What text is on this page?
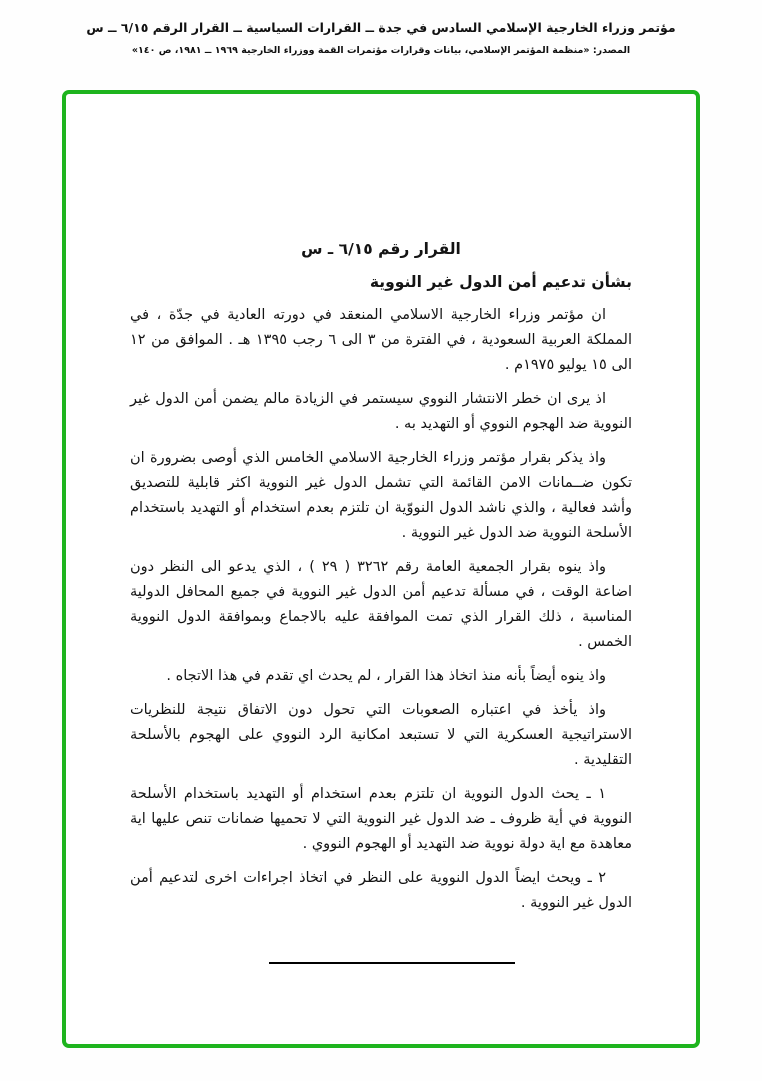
مؤتمر وزراء الخارجية الإسلامي السادس في جدة ــ القرارات السياسية ــ القرار الرقم ٦/١٥ ــ س
المصدر: «منظمة المؤتمر الإسلامي، بيانات وقرارات مؤتمرات القمة ووزراء الخارجية ١٩٦٩ ــ ١٩٨١، ص ١٤٠»
القرار رقم ٦/١٥ ـ س
بشأن تدعيم أمن الدول غير النووية

ان مؤتمر وزراء الخارجية الاسلامي المنعقد في دورته العادية في جدّة ، في المملكة العربية السعودية ، في الفترة من ٣ الى ٦ رجب ١٣٩٥ هـ . الموافق من ١٢ الى ١٥ يوليو ١٩٧٥م .

اذ يرى ان خطر الانتشار النووي سيستمر في الزيادة مالم يضمن أمن الدول غير النووية ضد الهجوم النووي أو التهديد به .

واذ يذكر بقرار مؤتمر وزراء الخارجية الاسلامي الخامس الذي أوصى بضرورة ان تكون ضــمانات الامن القائمة التي تشمل الدول غير النووية اكثر قابلية للتصديق وأشد فعالية ، والذي ناشد الدول النووّية ان تلتزم بعدم استخدام أو التهديد باستخدام الأسلحة النووية ضد الدول غير النووية .

واذ ينوه بقرار الجمعية العامة رقم ٣٢٦٢ ( ٢٩ ) ، الذي يدعو الى النظر دون اضاعة الوقت ، في مسألة تدعيم أمن الدول غير النووية في جميع المحافل الدولية المناسبة ، ذلك القرار الذي تمت الموافقة عليه بالاجماع وبموافقة الدول النووية الخمس .

واذ ينوه أيضاً بأنه منذ اتخاذ هذا القرار ، لم يحدث اي تقدم في هذا الاتجاه .

واذ يأخذ في اعتباره الصعوبات التي تحول دون الاتفاق نتيجة للنظريات الاستراتيجية العسكرية التي لا تستبعد امكانية الرد النووي على الهجوم بالأسلحة التقليدية .

١ ـ يحث الدول النووية ان تلتزم بعدم استخدام أو التهديد باستخدام الأسلحة النووية في أية ظروف ـ ضد الدول غير النووية التي لا تحميها ضمانات تنص عليها اية معاهدة مع اية دولة نووية ضد التهديد أو الهجوم النووي .

٢ ـ ويحث ايضاً الدول النووية على النظر في اتخاذ اجراءات اخرى لتدعيم أمن الدول غير النووية .
